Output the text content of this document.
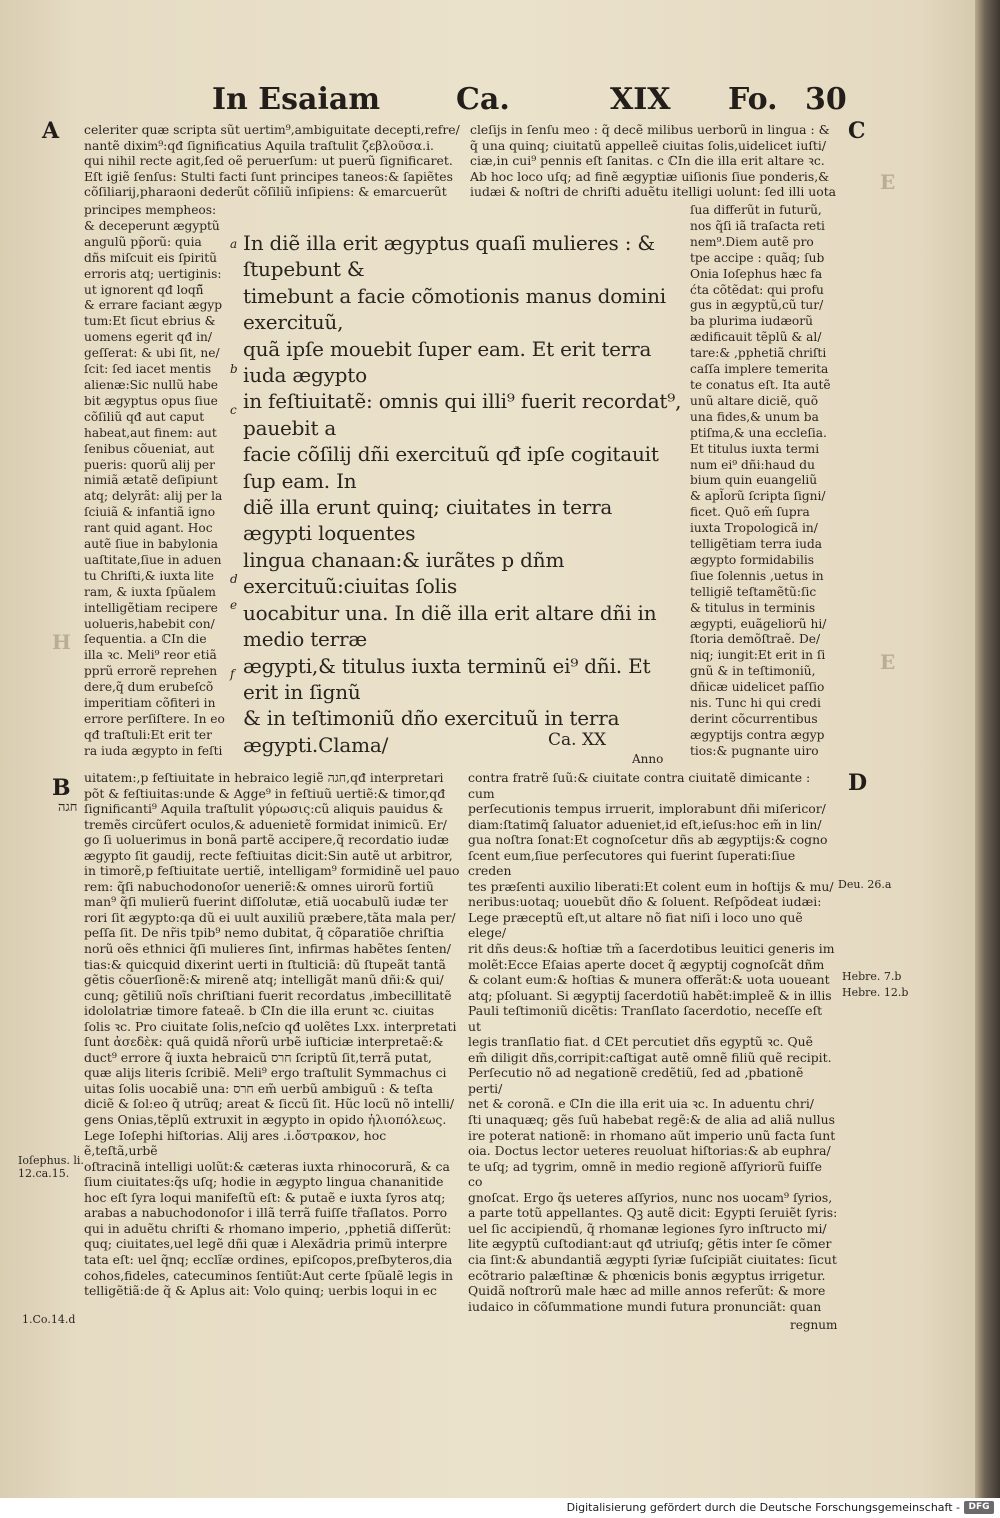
In Esaiam	Ca.	XIX Fo. 30
A	C
B	D
E
E
H
celeriter quæ scripta sũt uertim⁹,ambiguitate decepti,refre/
nantẽ dixim⁹:qđ ſignificatius Aquila traſtulit ζεβλοῦσα.i.
qui nihil recte agit,ſed oẽ peruerſum: ut puerũ ſignificaret.
Eſt igiẽ ſenſus: Stulti facti ſunt principes taneos:& ſapiẽtes
cõſiliarij,pharaoni dederũt cõſiliũ inſipiens: & emarcuerũt
principes mempheos:
& deceperunt ægyptũ
angulũ pp̃orũ: quia
dñs miſcuit eis ſpiritũ
erroris atq; uertiginis:
ut ignorent qđ loqñ̃
& errare faciant ægyp
tum:Et ſicut ebrius &
uomens egerit qđ in/
geſſerat: & ubi ſit, ne/
ſcit: ſed iacet mentis
alienæ:Sic nullũ habe
bit ægyptus opus ſiue
cõſiliũ qđ aut caput
habeat,aut finem: aut
ſenibus cõueniat, aut
pueris: quorũ alij per
nimiã ætatẽ deſipiunt
atq; delyrãt: alij per la
ſciuiã & infantiã igno
rant quid agant. Hoc
autẽ ſiue in babylonia
uaſtitate,ſiue in aduen
tu Chriſti,& iuxta lite
ram, & iuxta ſpũalem
intelligẽtiam recipere
uolueris,habebit con/
ſequentia. a ℂIn die
illa ꝛc. Meli⁹ reor etiã
pprũ errorẽ reprehen
dere,q̃ dum erubeſcõ
imperitiam cõfiteri in
errore perſiſtere. In eo
qđ traſtuli:Et erit ter
ra iuda ægypto in feſti
cleſijs in ſenſu meo : q̃ decẽ milibus uerborũ in lingua : &
q̃ una quinq; ciuitatũ appelleẽ ciuitas ſolis,uidelicet iuſti/
ciæ,in cui⁹ pennis eſt ſanitas. c ℂIn die illa erit altare ꝛc.
Ab hoc loco uſq; ad finẽ ægyptiæ uiſionis ſiue ponderis,&
iudæi & noſtri de chriſti aduẽtu itelligi uolunt: ſed illi uota
In diẽ illa erit ægyptus quaſi mulieres : & ſtupebunt &
timebunt a facie cõmotionis manus domini exercituũ,
quã ipſe mouebit ſuper eam. Et erit terra iuda ægypto
in feſtiuitatẽ: omnis qui illi⁹ fuerit recordat⁹, pauebit a
facie cõſilij dñi exercituũ qđ ipſe cogitauit ſup eam. In
diẽ illa erunt quinq; ciuitates in terra ægypti loquentes
lingua chanaan:& iurãtes p dñm exercituũ:ciuitas ſolis
uocabitur una. In diẽ illa erit altare dñi in medio terræ
ægypti,& titulus iuxta terminũ ei⁹ dñi. Et erit in ſignũ
& in teſtimoniũ dño exercituũ in terra ægypti.Clama/

a
b
c
d
e
f
Ca. XX
Anno
ſua differũt in futurũ,
nos q̃ſi iã traſacta reti
nem⁹.Diem autẽ pro
tpe accipe : quãq; ſub
Onia Ioſephus hæc fa
ćta cõtẽdat: qui profu
gus in ægyptũ,cũ tur/
ba plurima iudæorũ
ædificauit tẽplũ & al/
tare:& ,pphetiã chriſti
caſſa implere temerita
te conatus eſt. Ita autẽ
unũ altare diciẽ, quõ
una fides,& unum ba
ptiſma,& una eccleſia.
Et titulus iuxta termi
num ei⁹ dñi:haud du
bium quin euangeliũ
& apl̃orũ ſcripta ſigni/
ficet. Quõ em̃ ſupra
iuxta Tropologicã in/
telligẽtiam terra iuda
ægypto formidabilis
ſiue ſolennis ,uetus in
telligiẽ teſtamẽtũ:ſic
& titulus in terminis
ægypti, euãgeliorũ hi/
ſtoria demõſtraẽ. De/
niq; iungit:Et erit in ſi
gnũ & in teſtimoniũ,
dñicæ uidelicet paſſio
nis. Tunc hi qui credi
derint cõcurrentibus
ægyptijs contra ægyp
tios:& pugnante uiro
uitatem:,p feſtiuitate in hebraico legiẽ חגה,qđ interpretari
põt & feſtiuitas:unde & Agge⁹ in feſtiuũ uertiẽ:& timor,qđ
ſignificanti⁹ Aquila traſtulit γύρωσις:cũ aliquis pauidus &
tremẽs circũfert oculos,& aduenietẽ formidat inimicũ. Er/
go ſi uoluerimus in bonã partẽ accipere,q̃ recordatio iudæ
ægypto ſit gaudij, recte feſtiuitas dicit:Sin autẽ ut arbitror,
in timorẽ,p feſtiuitate uertiẽ, intelligam⁹ formidinẽ uel pauo
rem: q̃ſi nabuchodonoſor ueneriẽ:& omnes uirorũ fortiũ
man⁹ q̃ſi mulierũ fuerint diſſolutæ, etiã uocabulũ iudæ ter
rori ſit ægypto:qa dũ ei uult auxiliũ præbere,tãta mala per/
peſſa ſit. De nr̃is tpib⁹ nemo dubitat, q̃ cõparatiõe chriſtia
norũ oẽs ethnici q̃ſi mulieres ſint, infirmas habẽtes ſenten/
tias:& quicquid dixerint uerti in ſtulticiã: dũ ſtupeãt tantã
gẽtis cõuerſionẽ:& mirenẽ atq; intelligãt manũ dñi:& qui/
cunq; gẽtiliũ noĩs chriſtiani fuerit recordatus ,imbecillitatẽ
idololatriæ timore fateaẽ. b ℂIn die illa erunt ꝛc. ciuitas
ſolis ꝛc. Pro ciuitate ſolis,neſcio qđ uolẽtes Lxx. interpretati
ſunt ἀσεδὲκ: quã quidã nr̃orũ urbẽ iuſticiæ interpretaẽ:&
duct⁹ errore q̃ iuxta hebraicũ חרס ſcriptũ ſit,terrã putat,
quæ alijs literis ſcribiẽ. Meli⁹ ergo traſtulit Symmachus ci
uitas ſolis uocabiẽ una: חרס em̃ uerbũ ambiguũ : & teſta
diciẽ & ſol:eo q̃ utrũq; areat & ſiccũ ſit. Hũc locũ nõ intelli/
gens Onias,tẽplũ extruxit in ægypto in opido ἡλιοπόλεως.
Lege Ioſephi hiſtorias. Alij ares .i.ὄστρακον, hoc ẽ,teſtã,urbẽ
oſtracinã intelligi uolũt:& cæteras iuxta rhinocorurã, & ca
ſium ciuitates:q̃s uſq; hodie in ægypto lingua chananitide
hoc eſt ſyra loqui manifeſtũ eſt: & putaẽ e iuxta ſyros atq;
arabas a nabuchodonoſor i illã terrã fuiſſe tr̃aſlatos. Porro
qui in aduẽtu chriſti & rhomano imperio, ,pphetiã diſſerũt:
quq; ciuitates,uel legẽ dñi quæ i Alexãdria primũ interpre
tata eſt: uel q̃nq; ecclĩæ ordines, epiſcopos,preſbyteros,dia
cohos,fideles, catecuminos ſentiũt:Aut certe ſpũalẽ legis in
telligẽtiã:de q̃ & Aplus ait: Volo quinq; uerbis loqui in ec
contra fratrẽ ſuũ:& ciuitate contra ciuitatẽ dimicante : cum
perſecutionis tempus irruerit, implorabunt dñi miſericor/
diam:ſtatimq̃ ſaluator adueniet,id eſt,ieſus:hoc em̃ in lin/
gua noſtra ſonat:Et cognoſcetur dñs ab ægyptijs:& cogno
ſcent eum,ſiue perſecutores qui fuerint ſuperati:ſiue creden
tes præſenti auxilio liberati:Et colent eum in hoſtijs & mu/
neribus:uotaq; uouebũt dño & ſoluent. Reſpõdeat iudæi:
Lege præceptũ eſt,ut altare nõ fiat niſi i loco uno quẽ elege/
rit dñs deus:& hoſtiæ tm̃ a ſacerdotibus leuitici generis im
molẽt:Ecce Eſaias aperte docet q̃ ægyptij cognoſcãt dñm
& colant eum:& hoſtias & munera offerãt:& uota uoueant
atq; pſoluant. Si ægyptij ſacerdotiũ habẽt:impleẽ & in illis
Pauli teſtimoniũ dicẽtis: Tranſlato ſacerdotio, neceſſe eſt ut
legis tranſlatio fiat. d ℂEt percutiet dñs egyptũ ꝛc. Quẽ
em̃ diligit dñs,corripit:caſtigat autẽ omnẽ filiũ quẽ recipit.
Perſecutio nõ ad negationẽ credẽtiũ, ſed ad ,pbationẽ perti/
net & coronã. e ℂIn die illa erit uia ꝛc. In aduentu chri/
ſti unaquæq; gẽs ſuũ habebat regẽ:& de alia ad aliã nullus
ire poterat nationẽ: in rhomano aũt imperio unũ facta ſunt
oia. Doctus lector ueteres reuoluat hiſtorias:& ab euphra/
te uſq; ad tygrim, omnẽ in medio regionẽ aſſyriorũ fuiſſe co
gnoſcat. Ergo q̃s ueteres aſſyrios, nunc nos uocam⁹ ſyrios,
a parte totũ appellantes. Qꝫ autẽ dicit: Egypti ſeruiẽt ſyris:
uel ſic accipiendũ, q̃ rhomanæ legiones ſyro inſtructo mi/
lite ægyptũ cuſtodiant:aut qđ utriuſq; gẽtis inter ſe cõmer
cia ſint:& abundantiã ægypti ſyriæ ſuſcipiãt ciuitates: ſicut
ecõtrario palæſtinæ & phœnicis bonis ægyptus irrigetur.
Quidã noſtrorũ male hæc ad mille annos referũt: & more
iudaico in cõſummatione mundi futura pronunciãt: quan

regnum
חגה
Deu. 26.a
Hebre. 7.b
Hebre. 12.b
Ioſephus. li.
12.ca.15.
1.Co.14.d
Digitalisierung gefördert durch die Deutsche Forschungsgemeinschaft - DFG
